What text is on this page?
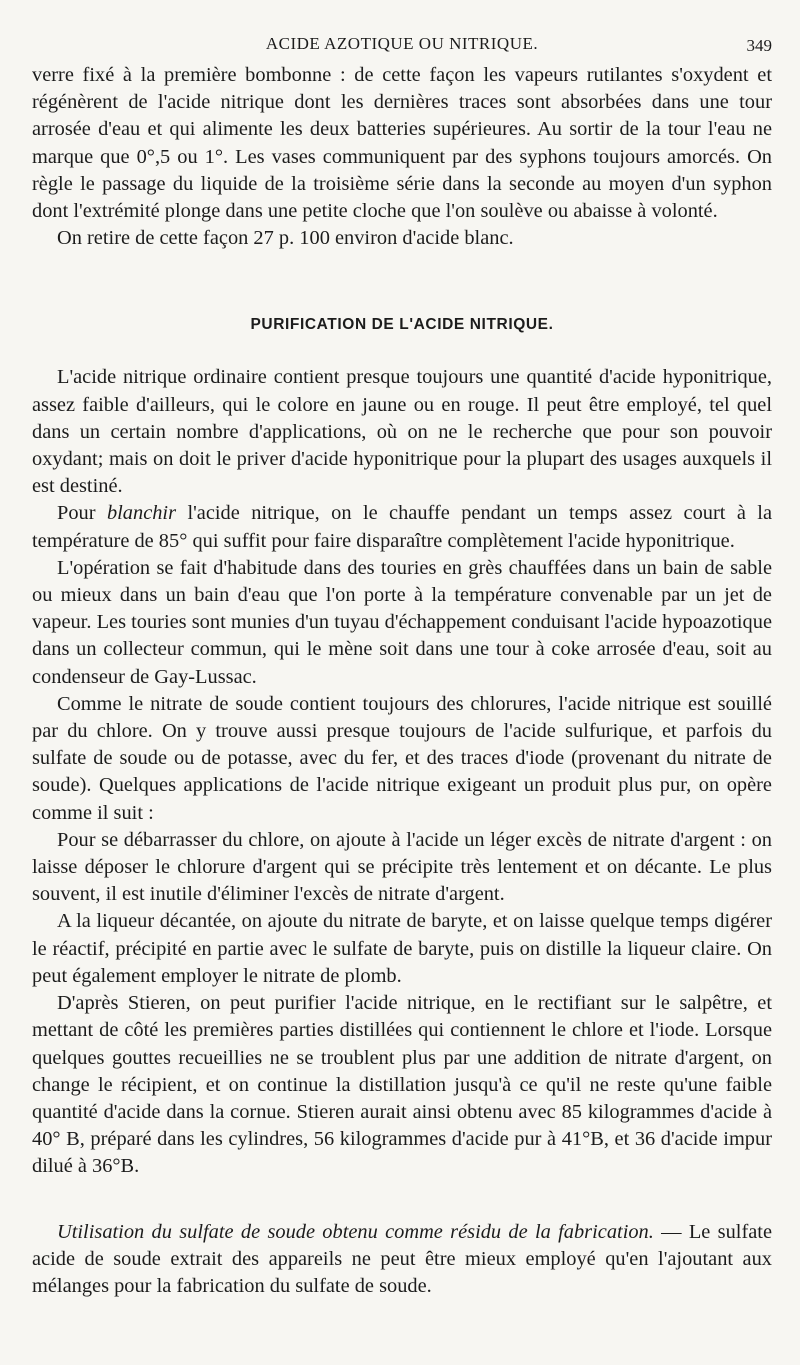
ACIDE AZOTIQUE OU NITRIQUE.	349

verre fixé à la première bombonne : de cette façon les vapeurs rutilantes s'oxydent et régénèrent de l'acide nitrique dont les dernières traces sont absorbées dans une tour arrosée d'eau et qui alimente les deux batteries supérieures. Au sortir de la tour l'eau ne marque que 0°,5 ou 1°. Les vases communiquent par des syphons toujours amorcés. On règle le passage du liquide de la troisième série dans la seconde au moyen d'un syphon dont l'extrémité plonge dans une petite cloche que l'on soulève ou abaisse à volonté.

On retire de cette façon 27 p. 100 environ d'acide blanc.

PURIFICATION DE L'ACIDE NITRIQUE.

L'acide nitrique ordinaire contient presque toujours une quantité d'acide hyponitrique, assez faible d'ailleurs, qui le colore en jaune ou en rouge. Il peut être employé, tel quel dans un certain nombre d'applications, où on ne le recherche que pour son pouvoir oxydant; mais on doit le priver d'acide hyponitrique pour la plupart des usages auxquels il est destiné.

Pour blanchir l'acide nitrique, on le chauffe pendant un temps assez court à la température de 85° qui suffit pour faire disparaître complètement l'acide hyponitrique.

L'opération se fait d'habitude dans des touries en grès chauffées dans un bain de sable ou mieux dans un bain d'eau que l'on porte à la température convenable par un jet de vapeur. Les touries sont munies d'un tuyau d'échappement conduisant l'acide hypoazotique dans un collecteur commun, qui le mène soit dans une tour à coke arrosée d'eau, soit au condenseur de Gay-Lussac.

Comme le nitrate de soude contient toujours des chlorures, l'acide nitrique est souillé par du chlore. On y trouve aussi presque toujours de l'acide sulfurique, et parfois du sulfate de soude ou de potasse, avec du fer, et des traces d'iode (provenant du nitrate de soude). Quelques applications de l'acide nitrique exigeant un produit plus pur, on opère comme il suit :

Pour se débarrasser du chlore, on ajoute à l'acide un léger excès de nitrate d'argent : on laisse déposer le chlorure d'argent qui se précipite très lentement et on décante. Le plus souvent, il est inutile d'éliminer l'excès de nitrate d'argent.

A la liqueur décantée, on ajoute du nitrate de baryte, et on laisse quelque temps digérer le réactif, précipité en partie avec le sulfate de baryte, puis on distille la liqueur claire. On peut également employer le nitrate de plomb.

D'après Stieren, on peut purifier l'acide nitrique, en le rectifiant sur le salpêtre, et mettant de côté les premières parties distillées qui contiennent le chlore et l'iode. Lorsque quelques gouttes recueillies ne se troublent plus par une addition de nitrate d'argent, on change le récipient, et on continue la distillation jusqu'à ce qu'il ne reste qu'une faible quantité d'acide dans la cornue. Stieren aurait ainsi obtenu avec 85 kilogrammes d'acide à 40° B, préparé dans les cylindres, 56 kilogrammes d'acide pur à 41°B, et 36 d'acide impur dilué à 36°B.

Utilisation du sulfate de soude obtenu comme résidu de la fabrication. — Le sulfate acide de soude extrait des appareils ne peut être mieux employé qu'en l'ajoutant aux mélanges pour la fabrication du sulfate de soude.
